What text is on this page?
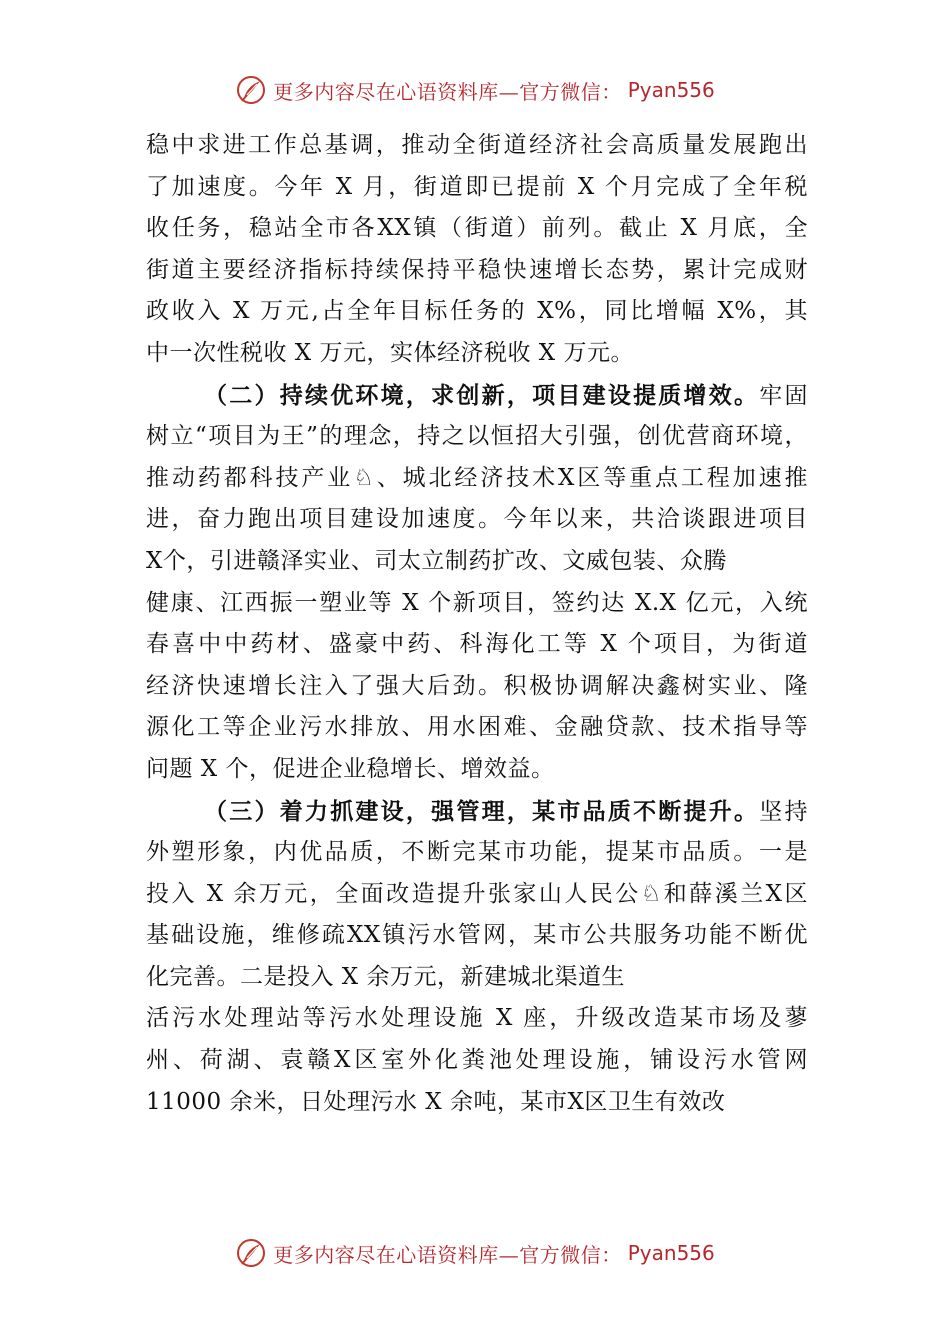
更多内容尽在心语资料库—官方微信： Pyan556
稳中求进工作总基调，推动全街道经济社会高质量发展跑出
了加速度。今年 X 月，街道即已提前 X 个月完成了全年税
收任务，稳站全市各XX镇（街道）前列。截止 X 月底，全
街道主要经济指标持续保持平稳快速增长态势，累计完成财
政收入 X 万元,占全年目标任务的 X%，同比增幅 X%，其
中一次性税收 X 万元，实体经济税收 X 万元。
（二）持续优环境，求创新，项目建设提质增效。牢固
树立“项目为王”的理念，持之以恒招大引强，创优营商环境，
推动药都科技产业♘、城北经济技术X区等重点工程加速推
进，奋力跑出项目建设加速度。今年以来，共洽谈跟进项目
X个，引进赣泽实业、司太立制药扩改、文威包装、众腾
健康、江西振一塑业等 X 个新项目，签约达 X.X 亿元，入统
春喜中中药材、盛豪中药、科海化工等 X 个项目，为街道
经济快速增长注入了强大后劲。积极协调解决鑫树实业、隆
源化工等企业污水排放、用水困难、金融贷款、技术指导等
问题 X 个，促进企业稳增长、增效益。
（三）着力抓建设，强管理，某市品质不断提升。坚持
外塑形象，内优品质，不断完某市功能，提某市品质。一是
投入 X 余万元，全面改造提升张家山人民公♘和薛溪兰X区
基础设施，维修疏XX镇污水管网，某市公共服务功能不断优
化完善。二是投入 X 余万元，新建城北渠道生
活污水处理站等污水处理设施 X 座，升级改造某市场及蓼
州、荷湖、袁赣X区室外化粪池处理设施，铺设污水管网
11000 余米，日处理污水 X 余吨，某市X区卫生有效改
更多内容尽在心语资料库—官方微信： Pyan556
